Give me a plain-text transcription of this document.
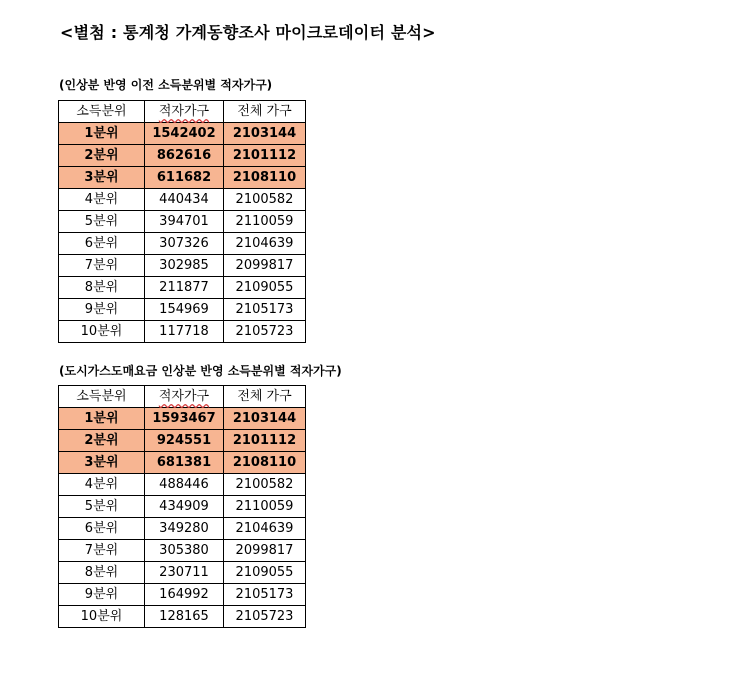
<별첨 : 통계청 가계동향조사 마이크로데이터 분석>
(인상분 반영 이전 소득분위별 적자가구)
소득분위	적자가구	전체 가구
1분위	1542402	2103144
2분위	862616	2101112
3분위	611682	2108110
4분위	440434	2100582
5분위	394701	2110059
6분위	307326	2104639
7분위	302985	2099817
8분위	211877	2109055
9분위	154969	2105173
10분위	117718	2105723
(도시가스도매요금 인상분 반영 소득분위별 적자가구)
소득분위	적자가구	전체 가구
1분위	1593467	2103144
2분위	924551	2101112
3분위	681381	2108110
4분위	488446	2100582
5분위	434909	2110059
6분위	349280	2104639
7분위	305380	2099817
8분위	230711	2109055
9분위	164992	2105173
10분위	128165	2105723
